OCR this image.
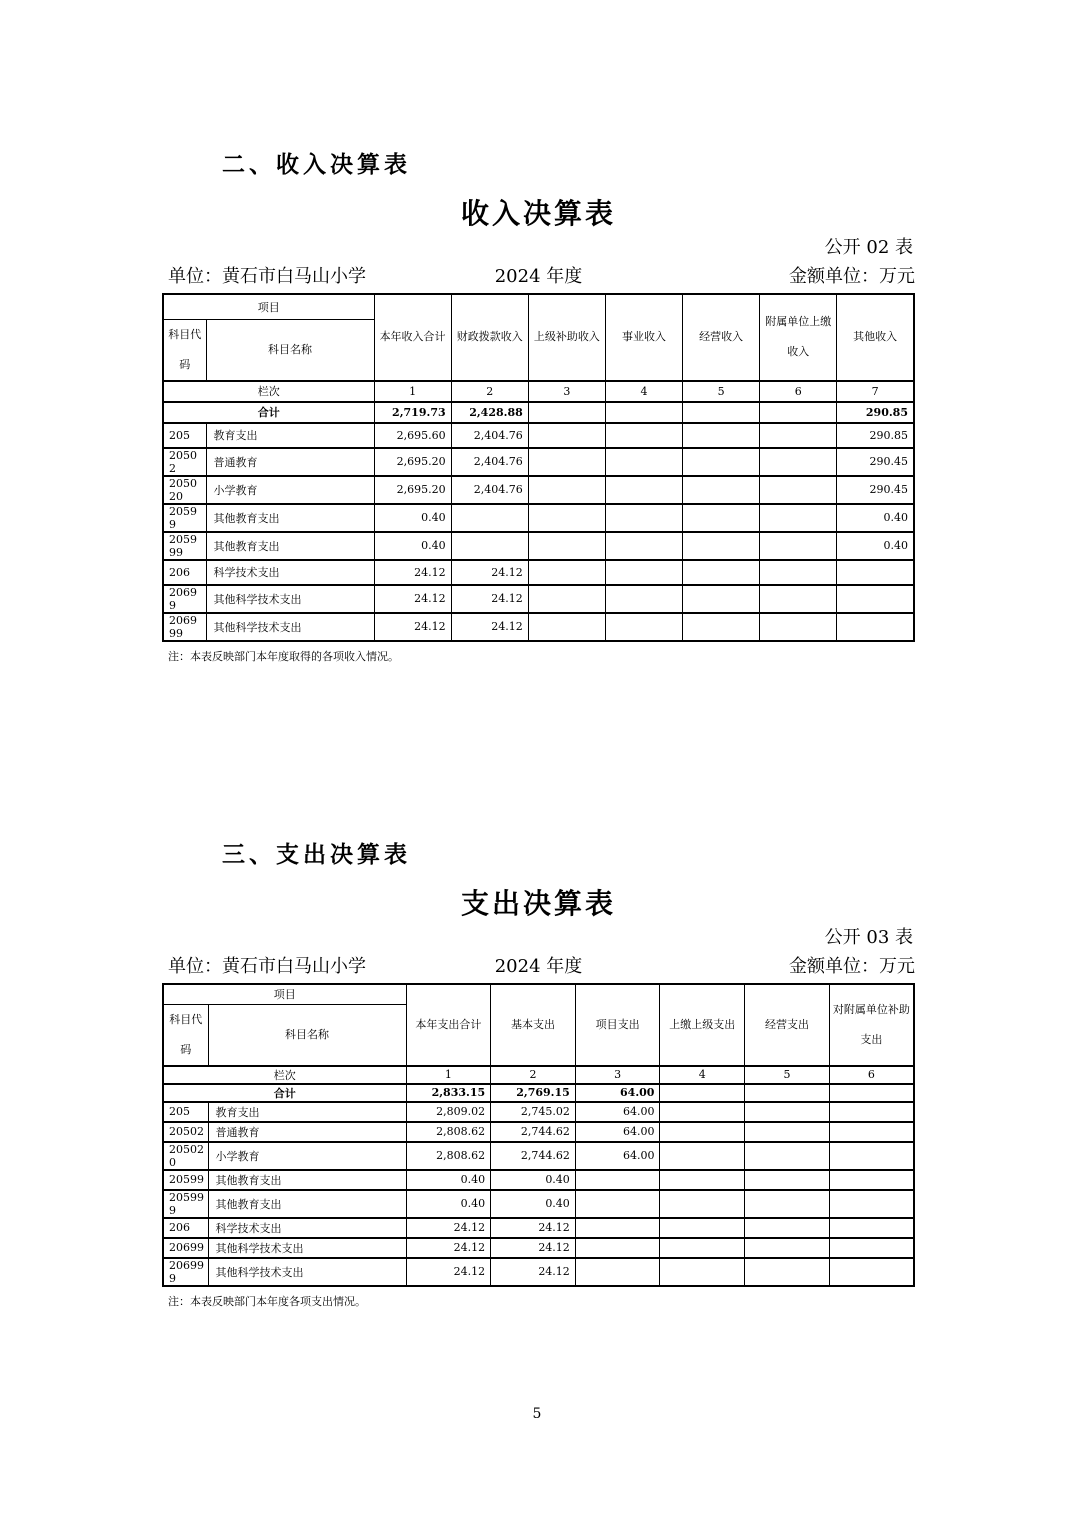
二、收入决算表
收入决算表
公开 02 表
单位：黄石市白马山小学	2024 年度	金额单位：万元
项目		本年收入合计	财政拨款收入	上级补助收入	事业收入	经营收入	附属单位上缴收入	其他收入
科目代码	科目名称							
栏次		1	2	3	4	5	6	7
合计		2,719.73	2,428.88					290.85
205	教育支出	2,695.60	2,404.76					290.85
20502	普通教育	2,695.20	2,404.76					290.45
205020	小学教育	2,695.20	2,404.76					290.45
20599	其他教育支出	0.40						0.40
205999	其他教育支出	0.40						0.40
206	科学技术支出	24.12	24.12					
20699	其他科学技术支出	24.12	24.12					
206999	其他科学技术支出	24.12	24.12					
注：本表反映部门本年度取得的各项收入情况。
三、支出决算表
支出决算表
公开 03 表
单位：黄石市白马山小学	2024 年度	金额单位：万元
项目		本年支出合计	基本支出	项目支出	上缴上级支出	经营支出	对附属单位补助支出
科目代码	科目名称						
栏次		1	2	3	4	5	6
合计		2,833.15	2,769.15	64.00			
205	教育支出	2,809.02	2,745.02	64.00			
20502	普通教育	2,808.62	2,744.62	64.00			
205020	小学教育	2,808.62	2,744.62	64.00			
20599	其他教育支出	0.40	0.40				
205999	其他教育支出	0.40	0.40				
206	科学技术支出	24.12	24.12				
20699	其他科学技术支出	24.12	24.12				
206999	其他科学技术支出	24.12	24.12				
注：本表反映部门本年度各项支出情况。
5
